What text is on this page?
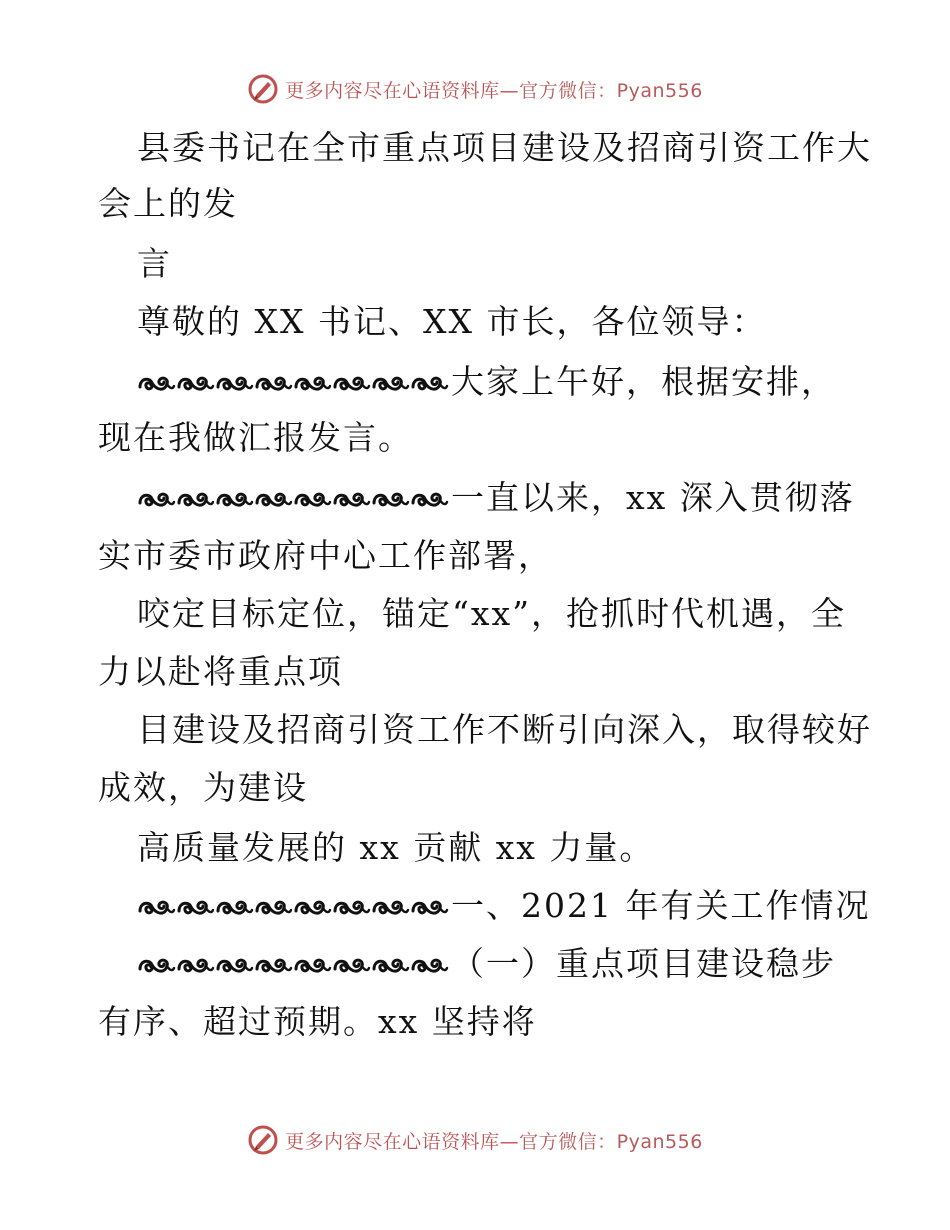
更多内容尽在心语资料库—官方微信：Pyan556
县委书记在全市重点项目建设及招商引资工作大
会上的发
言
尊敬的 XX 书记、XX 市长，各位领导：
大家上午好，根据安排，
现在我做汇报发言。
一直以来，xx 深入贯彻落
实市委市政府中心工作部署，
咬定目标定位，锚定“xx”，抢抓时代机遇，全
力以赴将重点项
目建设及招商引资工作不断引向深入，取得较好
成效，为建设
高质量发展的 xx 贡献 xx 力量。
一、2021 年有关工作情况
（一）重点项目建设稳步
有序、超过预期。xx 坚持将
更多内容尽在心语资料库—官方微信：Pyan556
